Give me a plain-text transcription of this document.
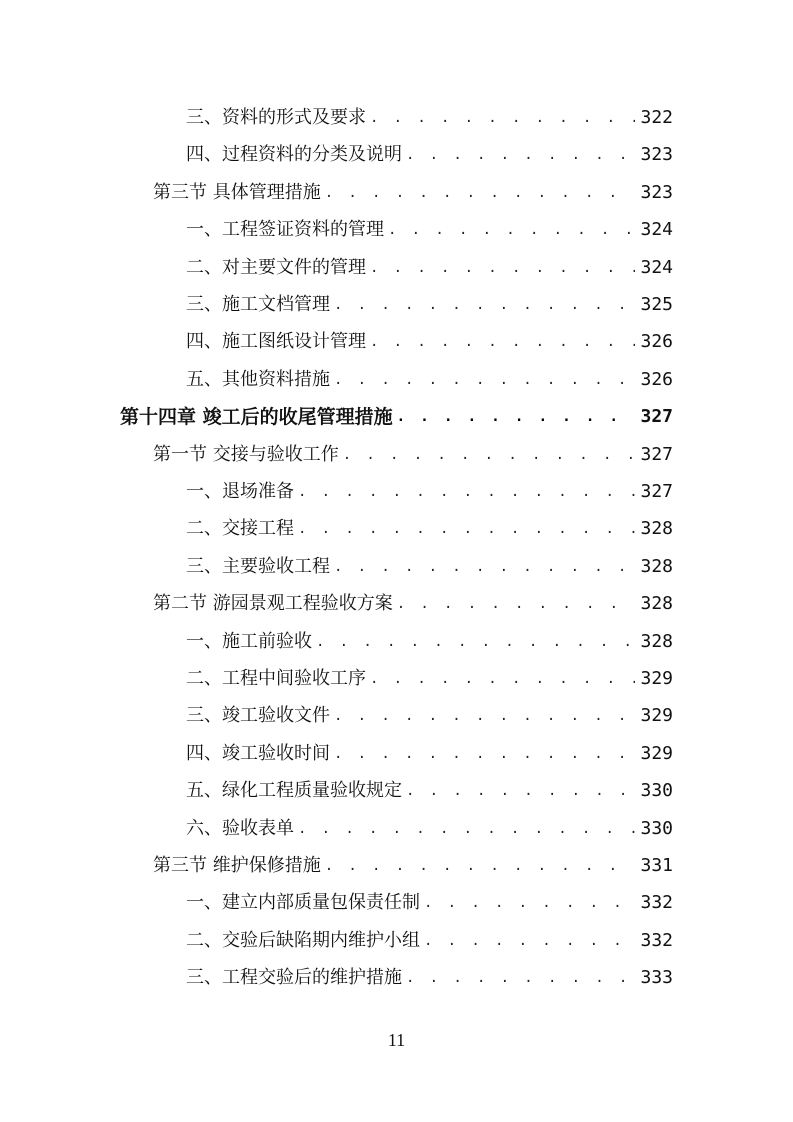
三、资料的形式及要求 . . .	322
四、过程资料的分类及说明 . . .	323
第三节 具体管理措施 . . .	323
一、工程签证资料的管理 . . .	324
二、对主要文件的管理 . . .	324
三、施工文档管理 . . .	325
四、施工图纸设计管理 . . .	326
五、其他资料措施 . . .	326
第十四章 竣工后的收尾管理措施 . . .	327
第一节 交接与验收工作 . . .	327
一、退场准备 . . .	327
二、交接工程 . . .	328
三、主要验收工程 . . .	328
第二节 游园景观工程验收方案 . . .	328
一、施工前验收 . . .	328
二、工程中间验收工序 . . .	329
三、竣工验收文件 . . .	329
四、竣工验收时间 . . .	329
五、绿化工程质量验收规定 . . .	330
六、验收表单 . . .	330
第三节 维护保修措施 . . .	331
一、建立内部质量包保责任制 . . .	332
二、交验后缺陷期内维护小组 . . .	332
三、工程交验后的维护措施 . . .	333
11
